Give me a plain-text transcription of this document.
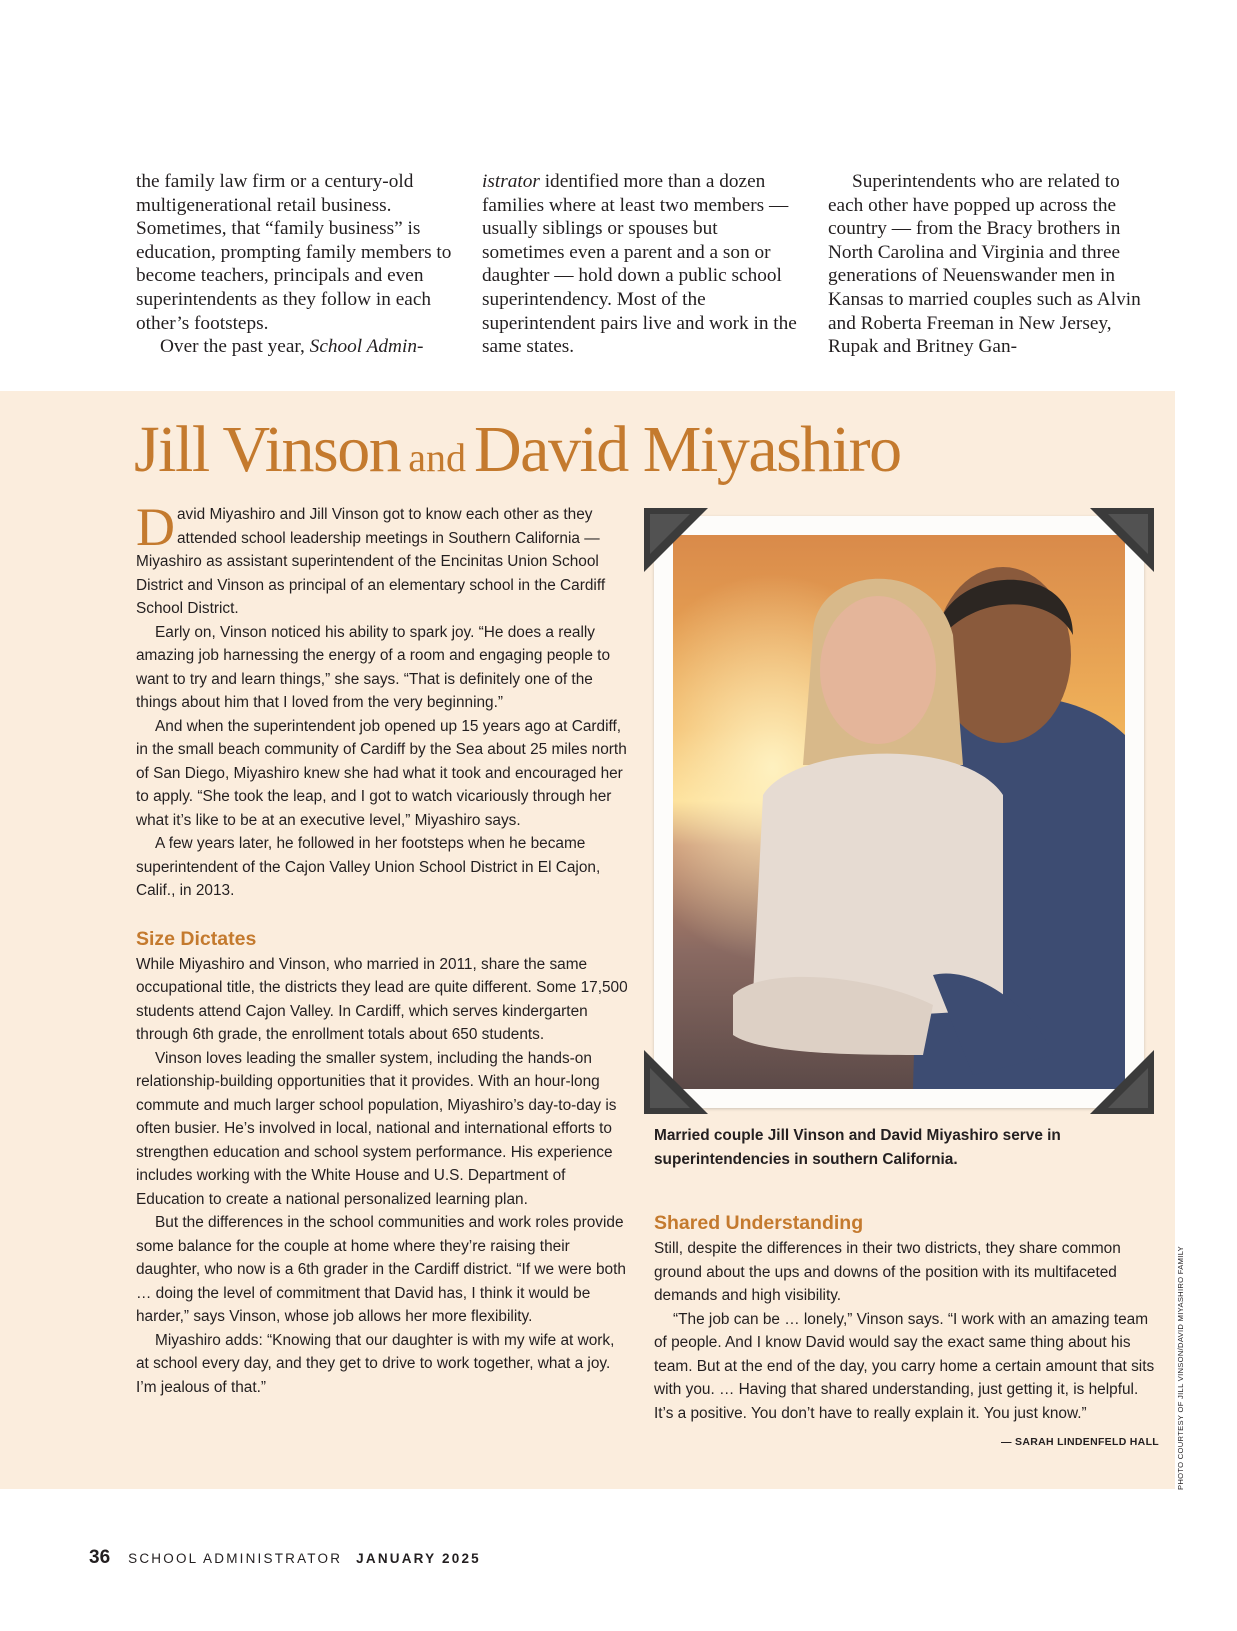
the family law firm or a century-old multigenerational retail business. Sometimes, that “family business” is education, prompting family members to become teachers, principals and even superintendents as they follow in each other’s footsteps.

Over the past year, School Admin-

istrator identified more than a dozen families where at least two members — usually siblings or spouses but sometimes even a parent and a son or daughter — hold down a public school superintendency. Most of the superintendent pairs live and work in the same states.

Superintendents who are related to each other have popped up across the country — from the Bracy brothers in North Carolina and Virginia and three generations of Neuenswander men in Kansas to married couples such as Alvin and Roberta Freeman in New Jersey, Rupak and Britney Gan-

Jill Vinson and David Miyashiro

David Miyashiro and Jill Vinson got to know each other as they attended school leadership meetings in Southern California — Miyashiro as assistant superintendent of the Encinitas Union School District and Vinson as principal of an elementary school in the Cardiff School District.

Early on, Vinson noticed his ability to spark joy. “He does a really amazing job harnessing the energy of a room and engaging people to want to try and learn things,” she says. “That is definitely one of the things about him that I loved from the very beginning.”

And when the superintendent job opened up 15 years ago at Cardiff, in the small beach community of Cardiff by the Sea about 25 miles north of San Diego, Miyashiro knew she had what it took and encouraged her to apply. “She took the leap, and I got to watch vicariously through her what it’s like to be at an executive level,” Miyashiro says.

A few years later, he followed in her footsteps when he became superintendent of the Cajon Valley Union School District in El Cajon, Calif., in 2013.

Size Dictates

While Miyashiro and Vinson, who married in 2011, share the same occupational title, the districts they lead are quite different. Some 17,500 students attend Cajon Valley. In Cardiff, which serves kindergarten through 6th grade, the enrollment totals about 650 students.

Vinson loves leading the smaller system, including the hands-on relationship-building opportunities that it provides. With an hour-long commute and much larger school population, Miyashiro’s day-to-day is often busier. He’s involved in local, national and international efforts to strengthen education and school system performance. His experience includes working with the White House and U.S. Department of Education to create a national personalized learning plan.

But the differences in the school communities and work roles provide some balance for the couple at home where they’re raising their daughter, who now is a 6th grader in the Cardiff district. “If we were both … doing the level of commitment that David has, I think it would be harder,” says Vinson, whose job allows her more flexibility.

Miyashiro adds: “Knowing that our daughter is with my wife at work, at school every day, and they get to drive to work together, what a joy. I’m jealous of that.”

Married couple Jill Vinson and David Miyashiro serve in superintendencies in southern California.

Shared Understanding

Still, despite the differences in their two districts, they share common ground about the ups and downs of the position with its multifaceted demands and high visibility.

“The job can be … lonely,” Vinson says. “I work with an amazing team of people. And I know David would say the exact same thing about his team. But at the end of the day, you carry home a certain amount that sits with you. … Having that shared understanding, just getting it, is helpful. It’s a positive. You don’t have to really explain it. You just know.”

— SARAH LINDENFELD HALL PHOTO COURTESY OF JILL VINSON/DAVID MIYASHIRO FAMILY
36 SCHOOL ADMINISTRATOR JANUARY 2025
